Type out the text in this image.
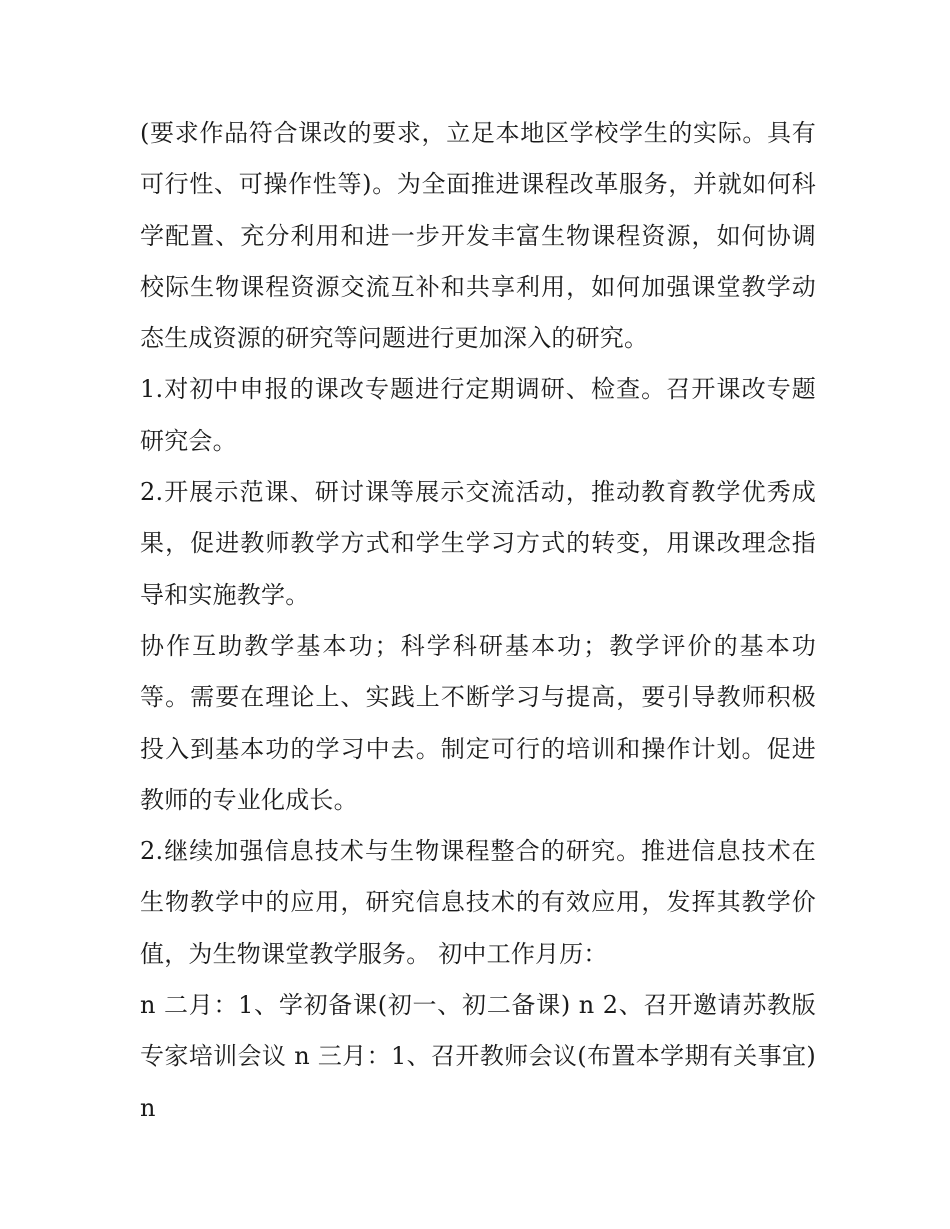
(要求作品符合课改的要求，立足本地区学校学生的实际。具有可行性、可操作性等)。为全面推进课程改革服务，并就如何科学配置、充分利用和进一步开发丰富生物课程资源，如何协调校际生物课程资源交流互补和共享利用，如何加强课堂教学动态生成资源的研究等问题进行更加深入的研究。

1.对初中申报的课改专题进行定期调研、检查。召开课改专题研究会。

2.开展示范课、研讨课等展示交流活动，推动教育教学优秀成果，促进教师教学方式和学生学习方式的转变，用课改理念指导和实施教学。

协作互助教学基本功；科学科研基本功；教学评价的基本功等。需要在理论上、实践上不断学习与提高，要引导教师积极投入到基本功的学习中去。制定可行的培训和操作计划。促进教师的专业化成长。

2.继续加强信息技术与生物课程整合的研究。推进信息技术在生物教学中的应用，研究信息技术的有效应用，发挥其教学价值，为生物课堂教学服务。 初中工作月历：

n 二月：1、学初备课(初一、初二备课) n 2、召开邀请苏教版专家培训会议 n 三月：1、召开教师会议(布置本学期有关事宜) n
